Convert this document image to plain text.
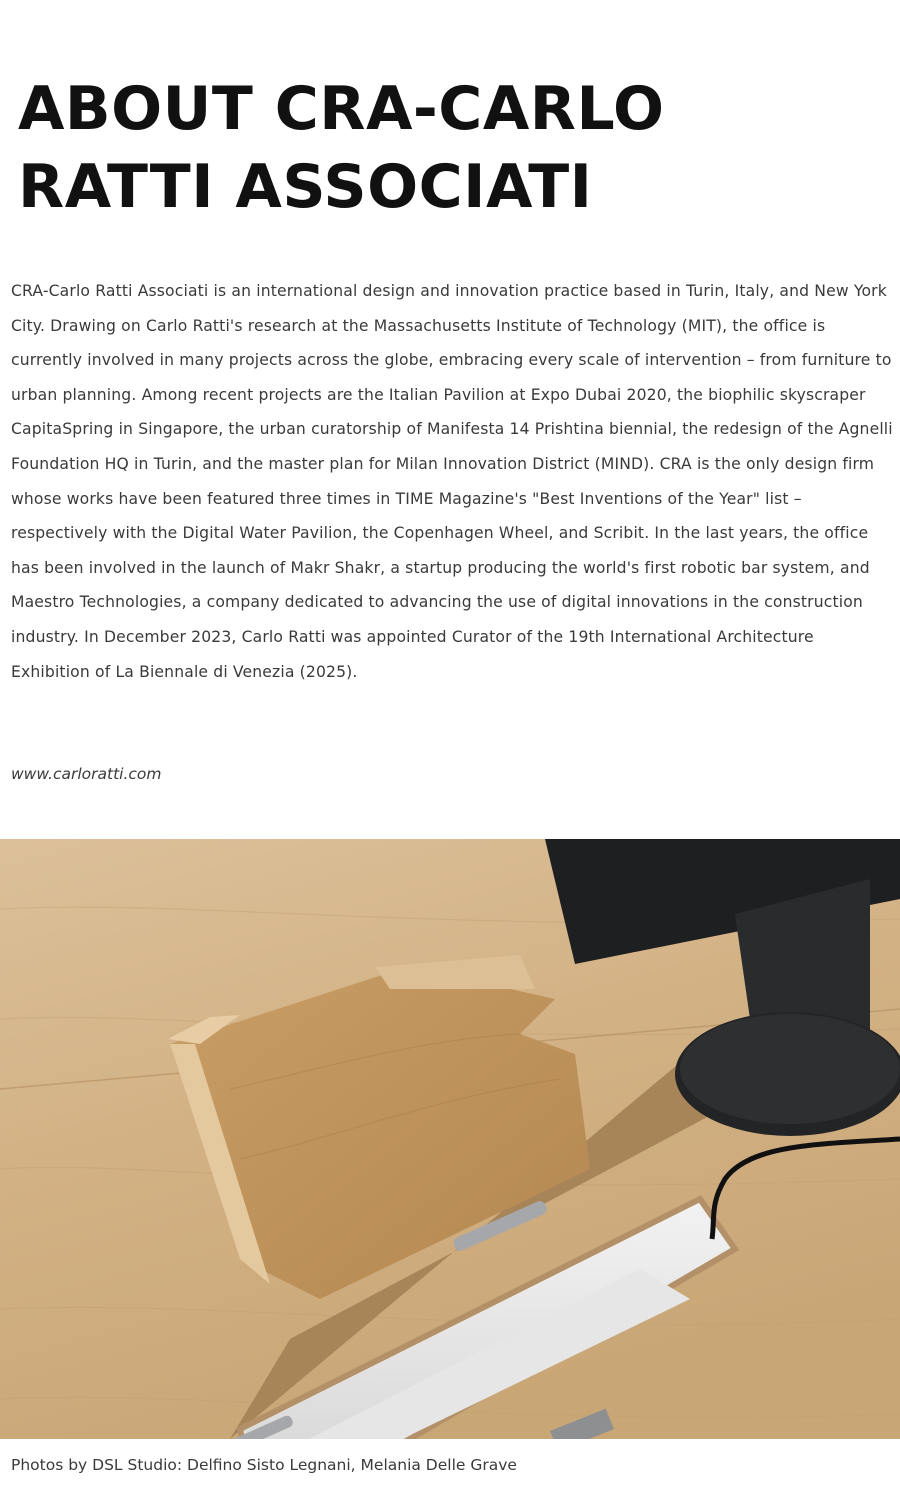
ABOUT CRA-CARLO RATTI ASSOCIATI

CRA-Carlo Ratti Associati is an international design and innovation practice based in Turin, Italy, and New York City. Drawing on Carlo Ratti's research at the Massachusetts Institute of Technology (MIT), the office is currently involved in many projects across the globe, embracing every scale of intervention – from furniture to urban planning. Among recent projects are the Italian Pavilion at Expo Dubai 2020, the biophilic skyscraper CapitaSpring in Singapore, the urban curatorship of Manifesta 14 Prishtina biennial, the redesign of the Agnelli Foundation HQ in Turin, and the master plan for Milan Innovation District (MIND). CRA is the only design firm whose works have been featured three times in TIME Magazine's "Best Inventions of the Year" list – respectively with the Digital Water Pavilion, the Copenhagen Wheel, and Scribit. In the last years, the office has been involved in the launch of Makr Shakr, a startup producing the world's first robotic bar system, and Maestro Technologies, a company dedicated to advancing the use of digital innovations in the construction industry. In December 2023, Carlo Ratti was appointed Curator of the 19th International Architecture Exhibition of La Biennale di Venezia (2025).

www.carloratti.com

Photos by DSL Studio: Delfino Sisto Legnani, Melania Delle Grave
